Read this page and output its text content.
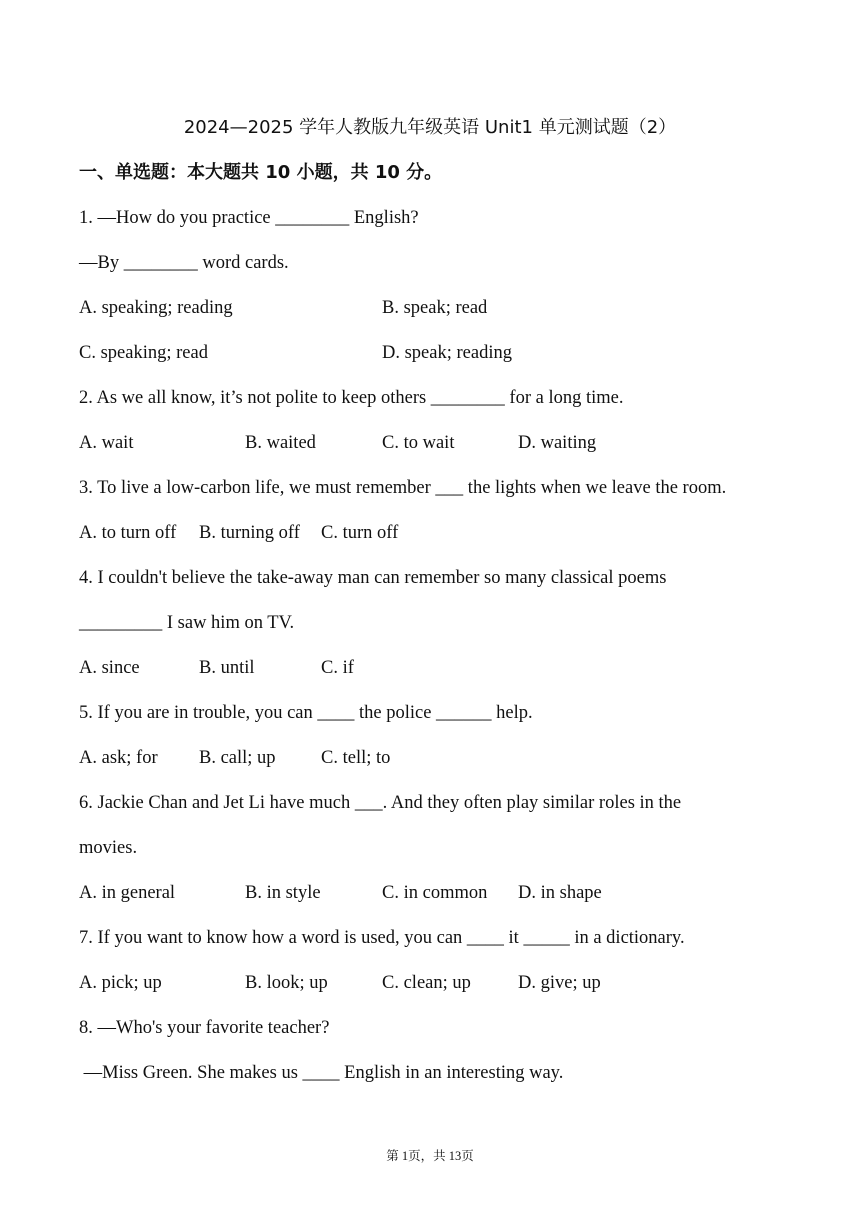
2024—2025 学年人教版九年级英语 Unit1 单元测试题（2）
一、单选题：本大题共 10 小题，共 10 分。
1. —How do you practice ________ English?
—By ________ word cards.
A. speaking; reading	B. speak; read
C. speaking; read	D. speak; reading
2. As we all know, it’s not polite to keep others ________ for a long time.
A. wait	B. waited	C. to wait	D. waiting
3. To live a low-carbon life, we must remember ___ the lights when we leave the room.
A. to turn off B. turning off C. turn off
4. I couldn't believe the take-away man can remember so many classical poems
_________ I saw him on TV.
A. since	B. until	C. if
5. If you are in trouble, you can ____ the police ______ help.
A. ask; for B. call; up C. tell; to
6. Jackie Chan and Jet Li have much ___. And they often play similar roles in the
movies.
A. in general	B. in style	C. in common D. in shape
7. If you want to know how a word is used, you can ____ it _____ in a dictionary.
A. pick; up	B. look; up	C. clean; up	D. give; up
8. —Who's your favorite teacher?
—Miss Green. She makes us ____ English in an interesting way.
第 1页，共 13页
